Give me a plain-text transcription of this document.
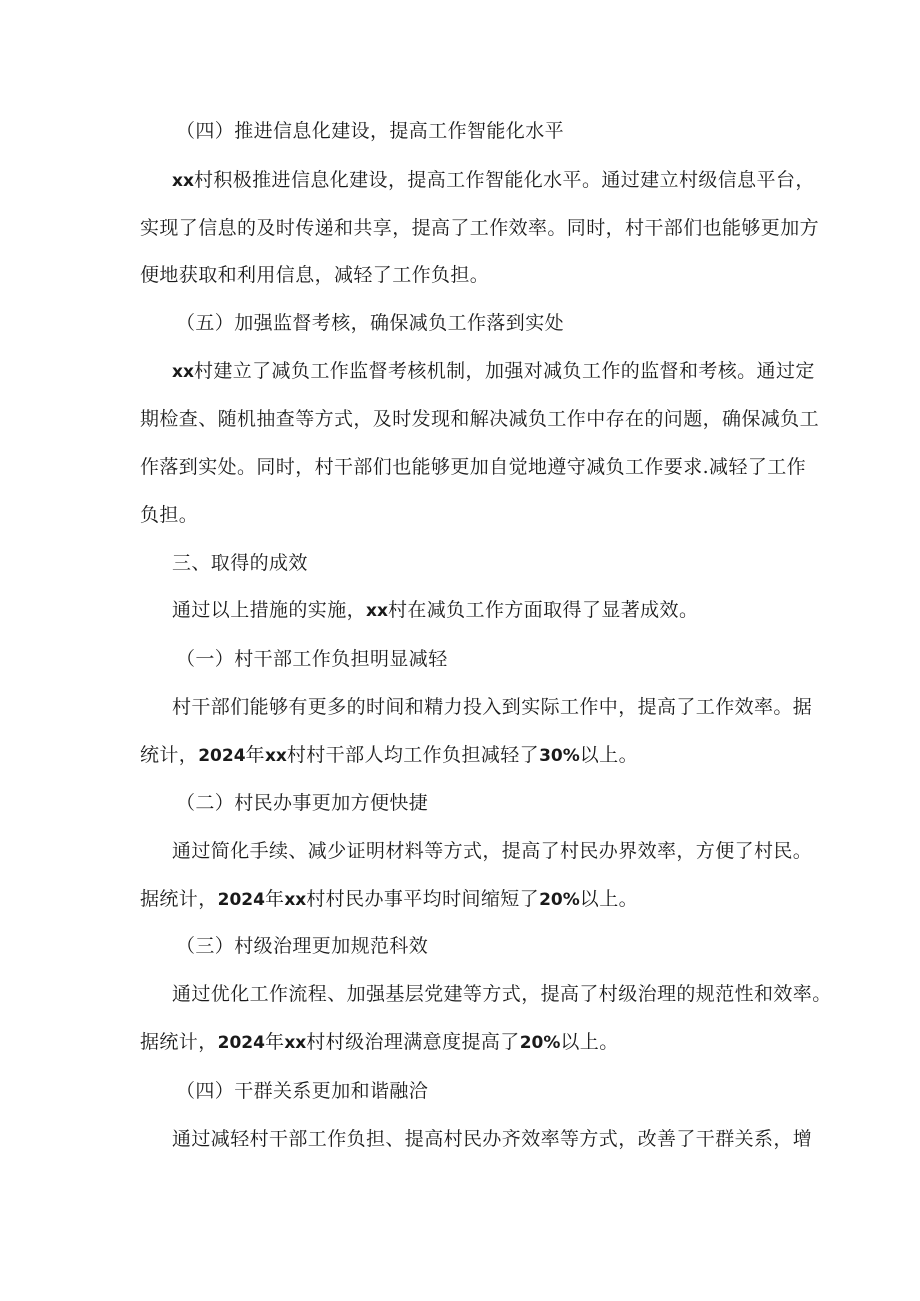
（四）推进信息化建设，提高工作智能化水平
xx村积极推进信息化建设，提高工作智能化水平。通过建立村级信息平台，
实现了信息的及时传递和共享，提高了工作效率。同时，村干部们也能够更加方
便地获取和利用信息，减轻了工作负担。
（五）加强监督考核，确保减负工作落到实处
xx村建立了减负工作监督考核机制，加强对减负工作的监督和考核。通过定
期检查、随机抽查等方式，及时发现和解决减负工作中存在的问题，确保减负工
作落到实处。同时，村干部们也能够更加自觉地遵守减负工作要求.减轻了工作
负担。
三、取得的成效
通过以上措施的实施，xx村在减负工作方面取得了显著成效。
（一）村干部工作负担明显减轻
村干部们能够有更多的时间和精力投入到实际工作中，提高了工作效率。据
统计，2024年xx村村干部人均工作负担减轻了30%以上。
（二）村民办事更加方便快捷
通过简化手续、减少证明材料等方式，提高了村民办界效率，方便了村民。
据统计，2024年xx村村民办事平均时间缩短了20%以上。
（三）村级治理更加规范科效
通过优化工作流程、加强基层党建等方式，提高了村级治理的规范性和效率。
据统计，2024年xx村村级治理满意度提高了20%以上。
（四）干群关系更加和谐融洽
通过减轻村干部工作负担、提高村民办齐效率等方式，改善了干群关系，增
